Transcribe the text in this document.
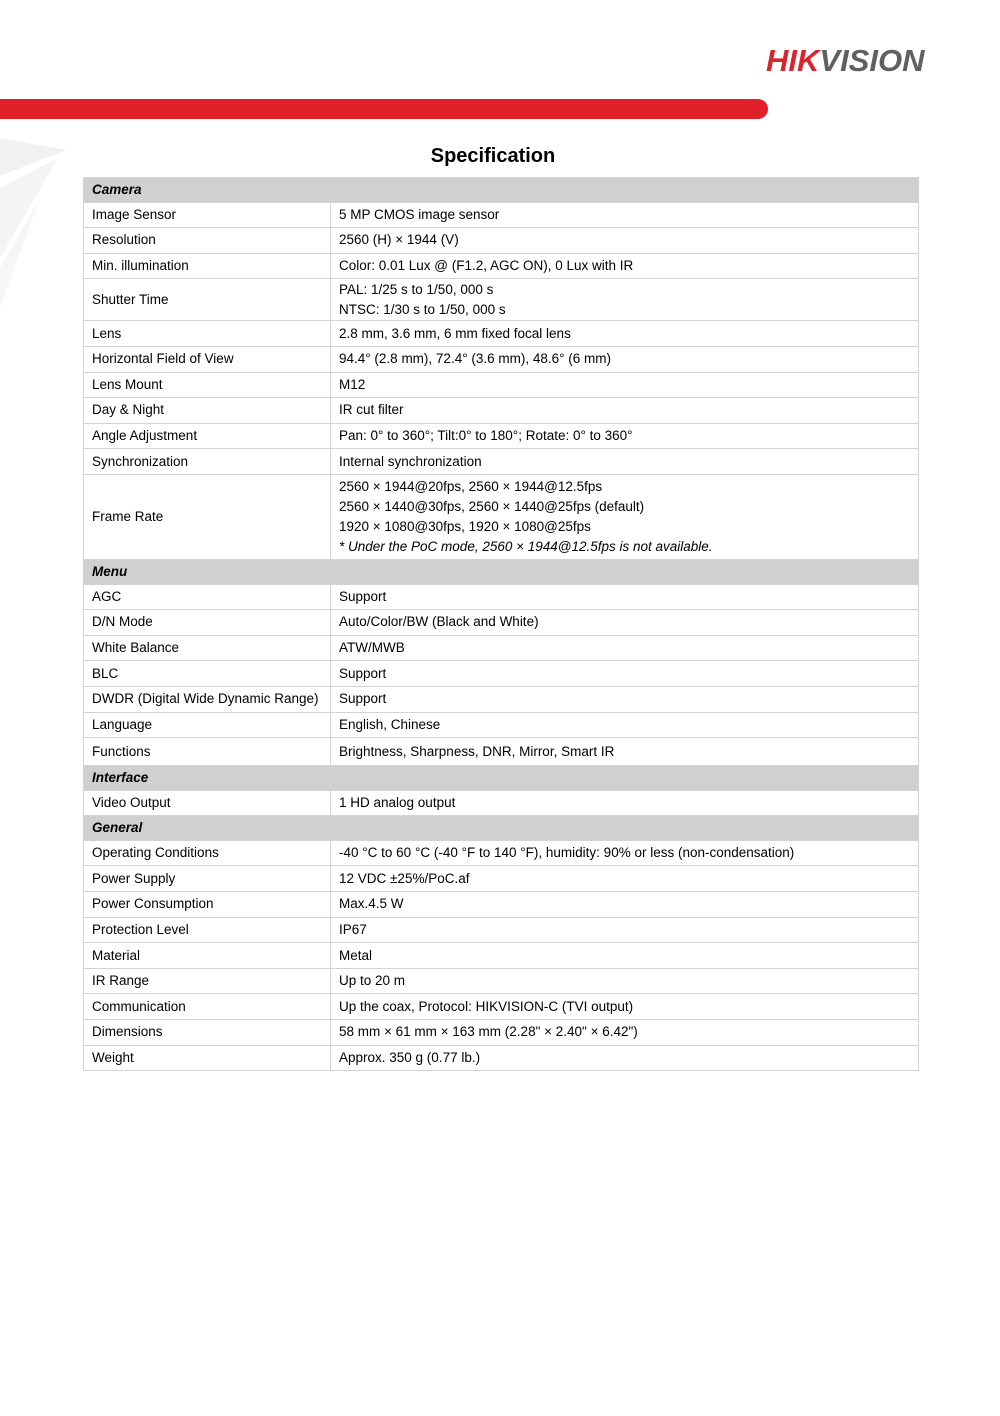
HIKVISION
Specification
Camera	
Image Sensor	5 MP CMOS image sensor
Resolution	2560 (H) × 1944 (V)
Min. illumination	Color: 0.01 Lux @ (F1.2, AGC ON), 0 Lux with IR
Shutter Time	PAL: 1/25 s to 1/50, 000 s
NTSC: 1/30 s to 1/50, 000 s

Lens	2.8 mm, 3.6 mm, 6 mm fixed focal lens
Horizontal Field of View	94.4° (2.8 mm), 72.4° (3.6 mm), 48.6° (6 mm)
Lens Mount	M12
Day & Night	IR cut filter
Angle Adjustment	Pan: 0° to 360°; Tilt:0° to 180°; Rotate: 0° to 360°
Synchronization	Internal synchronization
Frame Rate	2560 × 1944@20fps, 2560 × 1944@12.5fps
2560 × 1440@30fps, 2560 × 1440@25fps (default)
1920 × 1080@30fps, 1920 × 1080@25fps
* Under the PoC mode, 2560 × 1944@12.5fps is not available.

Menu	
AGC	Support
D/N Mode	Auto/Color/BW (Black and White)
White Balance	ATW/MWB
BLC	Support
DWDR (Digital Wide Dynamic Range)	Support
Language	English, Chinese
Functions	Brightness, Sharpness, DNR, Mirror, Smart IR
Interface	
Video Output	1 HD analog output
General	
Operating Conditions	-40 °C to 60 °C (-40 °F to 140 °F), humidity: 90% or less (non-condensation)
Power Supply	12 VDC ±25%/PoC.af
Power Consumption	Max.4.5 W
Protection Level	IP67
Material	Metal
IR Range	Up to 20 m
Communication	Up the coax, Protocol: HIKVISION-C (TVI output)
Dimensions	58 mm × 61 mm × 163 mm (2.28" × 2.40" × 6.42")
Weight	Approx. 350 g (0.77 lb.)
